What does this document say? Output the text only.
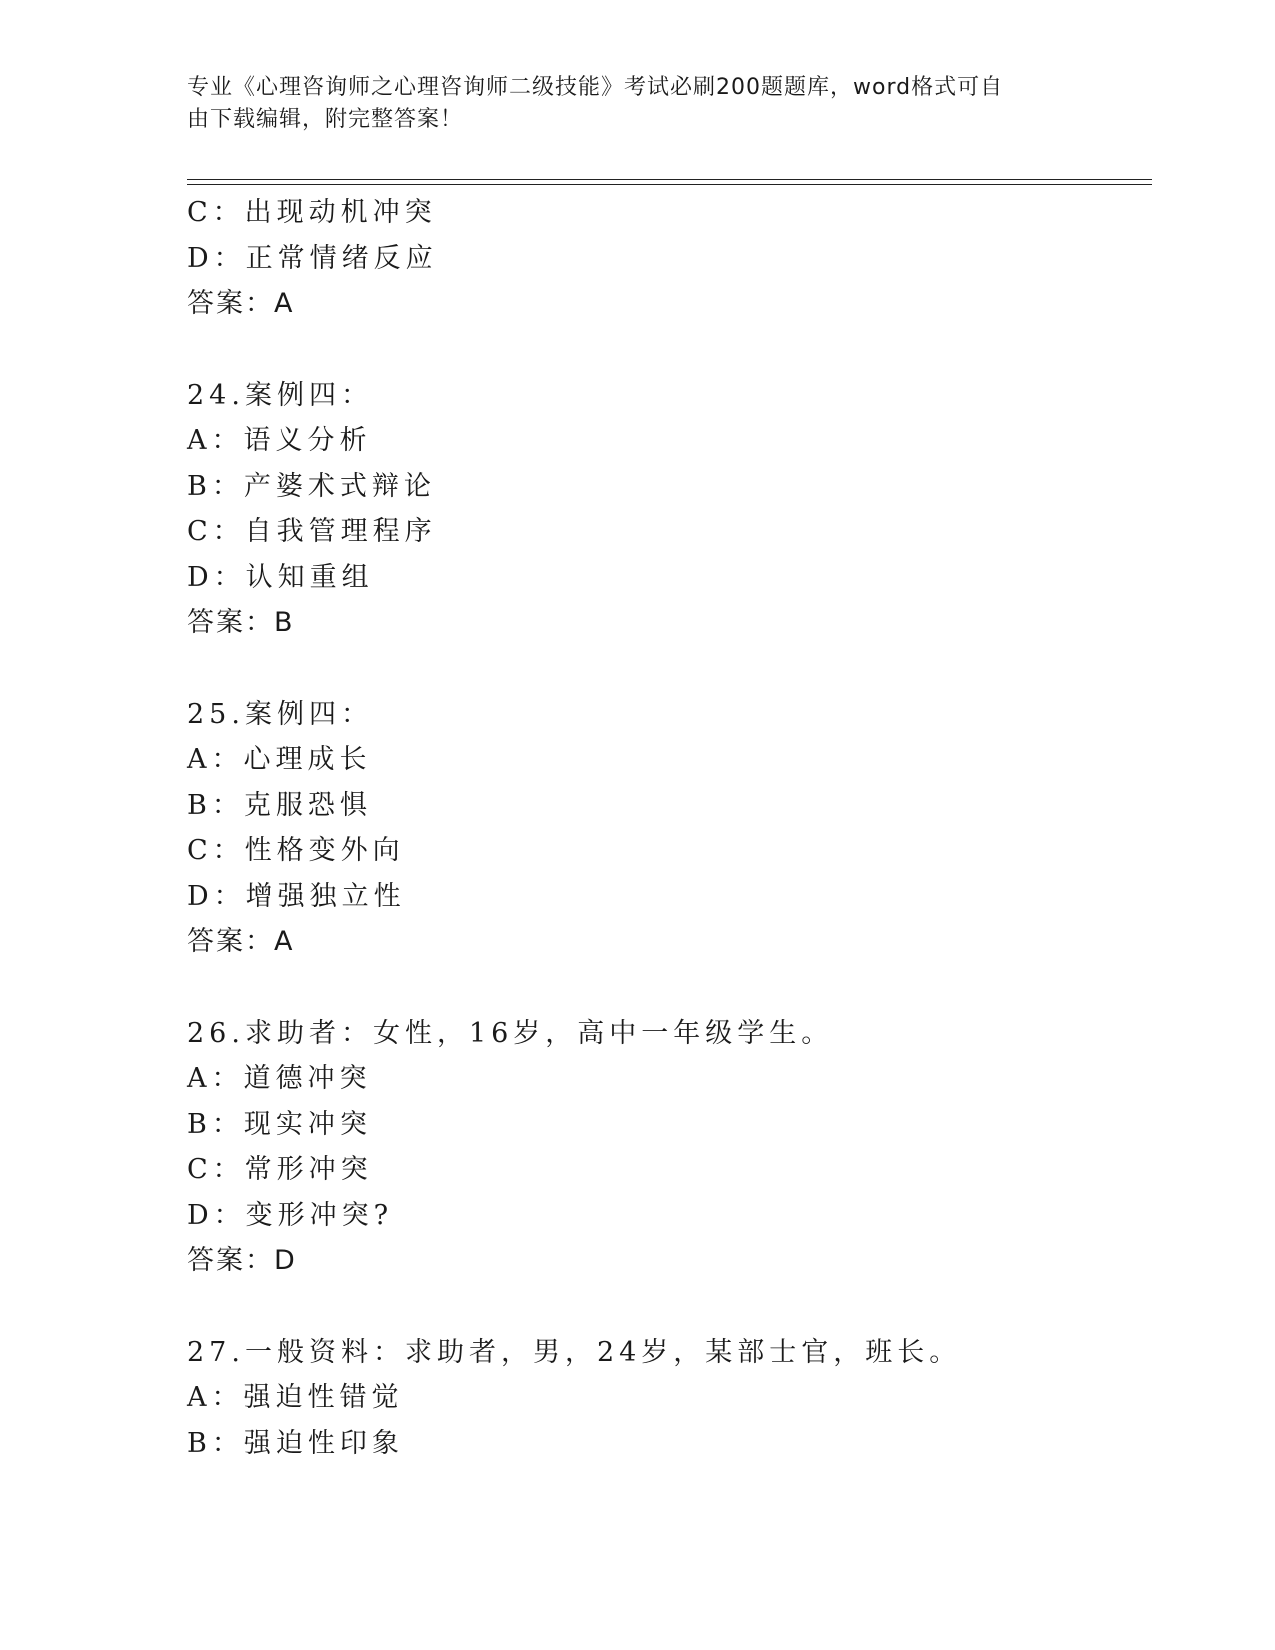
专业《心理咨询师之心理咨询师二级技能》考试必刷200题题库，word格式可自
由下载编辑，附完整答案！
C：出现动机冲突
D：正常情绪反应
答案：A
24.案例四：
A：语义分析
B：产婆术式辩论
C：自我管理程序
D：认知重组
答案：B
25.案例四：
A：心理成长
B：克服恐惧
C：性格变外向
D：增强独立性
答案：A
26.求助者：女性，16岁，高中一年级学生。
A：道德冲突
B：现实冲突
C：常形冲突
D：变形冲突?
答案：D
27.一般资料：求助者，男，24岁，某部士官，班长。
A：强迫性错觉
B：强迫性印象
